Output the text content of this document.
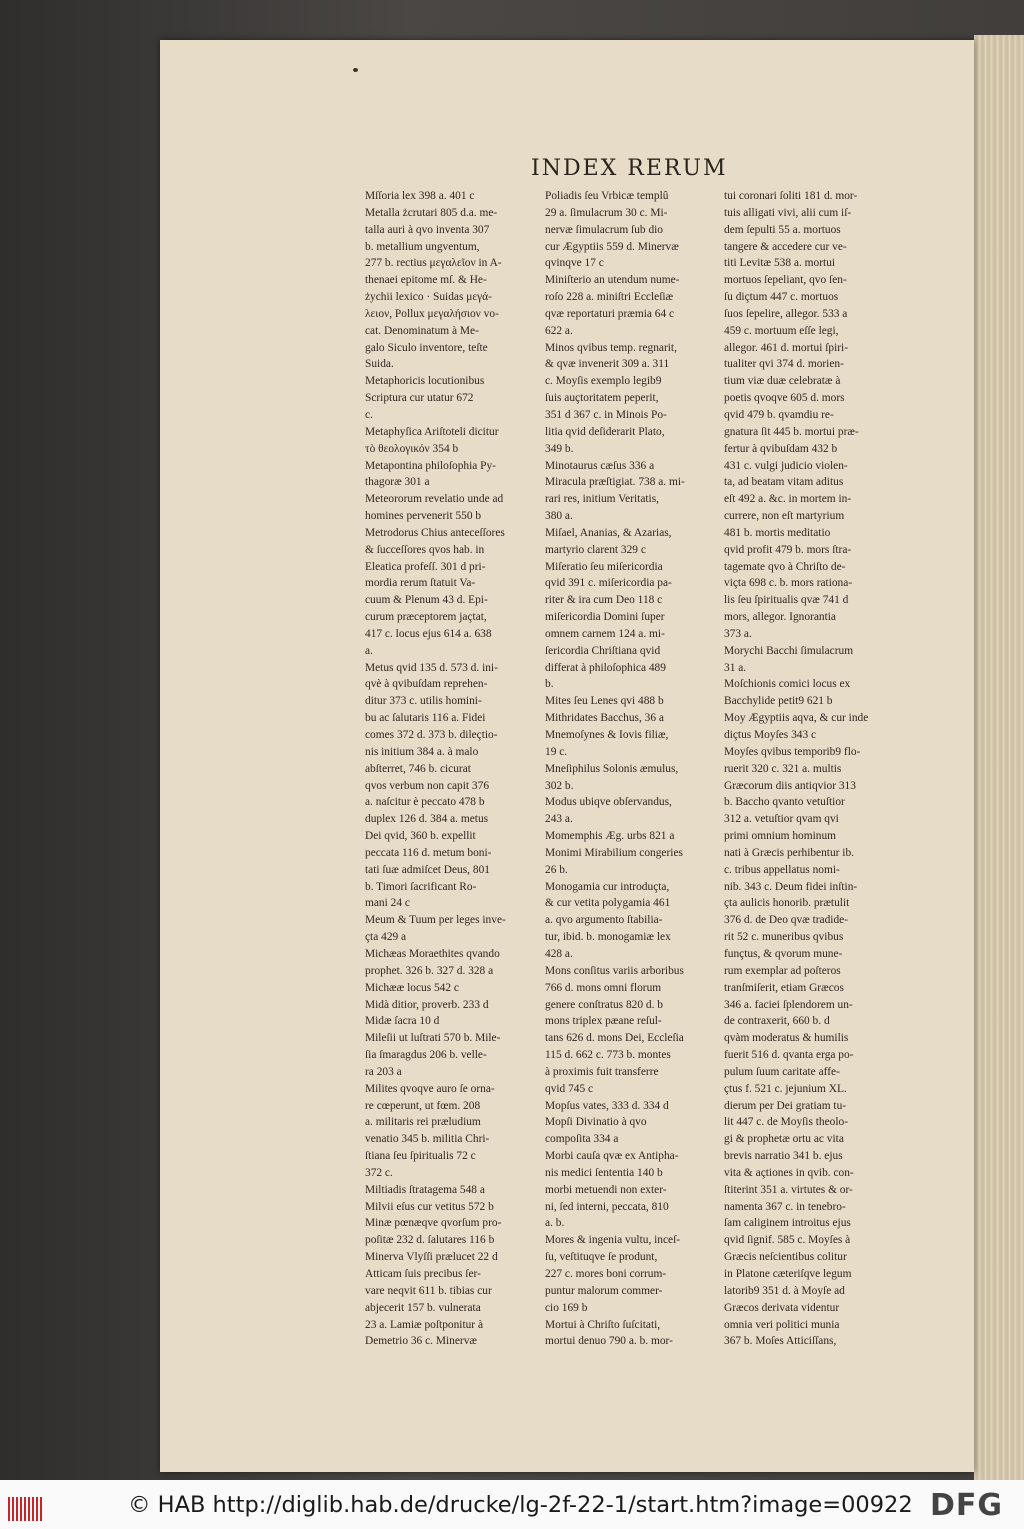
INDEX RERUM
Mſſoria lex 398 a. 401 c
Metalla żcrutari 805 d.a. me-
talla auri à qvo inventa 307
b. metallium ungventum,
277 b. rectius μεγαλεῖον in A-
thenaei epitome mſ. & He-
żychii lexico · Suidas μεγά-
λειον, Pollux μεγαλήσιον vo-
cat. Denominatum à Me-
galo Siculo inventore, teſte
Suida.
Metaphoricis locutionibus
Scriptura cur utatur 672
c.
Metaphyſica Ariſtoteli dicitur
τὸ θεολογικόν 354 b
Metapontina philoſophia Py-
thagoræ 301 a
Meteororum revelatio unde ad
homines pervenerit 550 b
Metrodorus Chius anteceſſores
& ſucceſſores qvos hab. in
Eleatica profeſſ. 301 d pri-
mordia rerum ſtatuit Va-
cuum & Plenum 43 d. Epi-
curum præceptorem jaçtat,
417 c. locus ejus 614 a. 638
a.
Metus qvid 135 d. 573 d. ini-
qvè à qvibuſdam reprehen-
ditur 373 c. utilis homini-
bu ac ſalutaris 116 a. Fidei
comes 372 d. 373 b. dileçtio-
nis initium 384 a. à malo
abſterret, 746 b. cicurat
qvos verbum non capit 376
a. naſcitur è peccato 478 b
duplex 126 d. 384 a. metus
Dei qvid, 360 b. expellit
peccata 116 d. metum boni-
tati ſuæ admiſcet Deus, 801
b. Timori ſacrificant Ro-
mani 24 c
Meum & Tuum per leges inve-
çta 429 a
Michæas Moraethites qvando
prophet. 326 b. 327 d. 328 a
Michææ locus 542 c
Midà ditior, proverb. 233 d
Midæ ſacra 10 d
Mileſii ut luſtrati 570 b. Mile-
ſia ſmaragdus 206 b. velle-
ra 203 a
Milites qvoqve auro ſe orna-
re cœperunt, ut fœm. 208
a. militaris rei præludium
venatio 345 b. militia Chri-
ſtiana ſeu ſpiritualis 72 c
372 c.
Miltiadis ſtratagema 548 a
Milvii eſus cur vetitus 572 b
Minæ pœnæqve qvorſum pro-
poſitæ 232 d. ſalutares 116 b
Minerva Vlyſſi prælucet 22 d
Atticam ſuis precibus ſer-
vare neqvit 611 b. tibias cur
abjecerit 157 b. vulnerata
23 a. Lamiæ poſtponitur à
Demetrio 36 c. Minervæ
Poliadis ſeu Vrbicæ templû
29 a. ſimulacrum 30 c. Mi-
nervæ ſimulacrum ſub dio
cur Ægyptiis 559 d. Minervæ
qvinqve 17 c
Miniſterio an utendum nume-
roſo 228 a. miniſtri Eccleſiæ
qvæ reportaturi præmia 64 c
622 a.
Minos qvibus temp. regnarit,
& qvæ invenerit 309 a. 311
c. Moyſis exemplo legib9
ſuis auçtoritatem peperit,
351 d 367 c. in Minois Po-
litia qvid deſiderarit Plato,
349 b.
Minotaurus cæſus 336 a
Miracula præſtigiat. 738 a. mi-
rari res, initium Veritatis,
380 a.
Miſael, Ananias, & Azarias,
martyrio clarent 329 c
Miſeratio ſeu miſericordia
qvid 391 c. miſericordia pa-
riter & ira cum Deo 118 c
miſericordia Domini ſuper
omnem carnem 124 a. mi-
ſericordia Chriſtiana qvid
differat à philoſophica 489
b.
Mites ſeu Lenes qvi 488 b
Mithridates Bacchus, 36 a
Mnemoſynes & Iovis filiæ,
19 c.
Mneſiphilus Solonis æmulus,
302 b.
Modus ubiqve obſervandus,
243 a.
Momemphis Æg. urbs 821 a
Monimi Mirabilium congeries
26 b.
Monogamia cur introduçta,
& cur vetita polygamia 461
a. qvo argumento ſtabilia-
tur, ibid. b. monogamiæ lex
428 a.
Mons conſitus variis arboribus
766 d. mons omni florum
genere conſtratus 820 d. b
mons triplex pæane reſul-
tans 626 d. mons Dei, Eccleſia
115 d. 662 c. 773 b. montes
à proximis fuit transferre
qvid 745 c
Mopſus vates, 333 d. 334 d
Mopſi Divinatio à qvo
compoſita 334 a
Morbi cauſa qvæ ex Antipha-
nis medici ſententia 140 b
morbi metuendi non exter-
ni, ſed interni, peccata, 810
a. b.
Mores & ingenia vultu, inceſ-
ſu, veſtituqve ſe produnt,
227 c. mores boni corrum-
puntur malorum commer-
cio 169 b
Mortui à Chriſto ſuſcitati,
mortui denuo 790 a. b. mor-
tui coronari ſoliti 181 d. mor-
tuis alligati vivi, alii cum iſ-
dem ſepulti 55 a. mortuos
tangere & accedere cur ve-
titi Levitæ 538 a. mortui
mortuos ſepeliant, qvo ſen-
ſu diçtum 447 c. mortuos
ſuos ſepelire, allegor. 533 a
459 c. mortuum eſſe legi,
allegor. 461 d. mortui ſpiri-
tualiter qvi 374 d. morien-
tium viæ duæ celebratæ à
poetis qvoqve 605 d. mors
qvid 479 b. qvamdiu re-
gnatura ſit 445 b. mortui præ-
fertur à qvibuſdam 432 b
431 c. vulgi judicio violen-
ta, ad beatam vitam aditus
eſt 492 a. &c. in mortem in-
currere, non eſt martyrium
481 b. mortis meditatio
qvid profit 479 b. mors ſtra-
tagemate qvo à Chriſto de-
viçta 698 c. b. mors rationa-
lis ſeu ſpiritualis qvæ 741 d
mors, allegor. Ignorantia
373 a.
Morychi Bacchi ſimulacrum
31 a.
Moſchionis comici locus ex
Bacchylide petit9 621 b
Moy Ægyptiis aqva, & cur inde
diçtus Moyſes 343 c
Moyſes qvibus temporib9 flo-
ruerit 320 c. 321 a. multis
Græcorum diis antiqvior 313
b. Baccho qvanto vetuſtior
312 a. vetuſtior qvam qvi
primi omnium hominum
nati à Græcis perhibentur ib.
c. tribus appellatus nomi-
nib. 343 c. Deum fidei inſtin-
çta aulicis honorib. prætulit
376 d. de Deo qvæ tradide-
rit 52 c. muneribus qvibus
funçtus, & qvorum mune-
rum exemplar ad poſteros
tranſmiſerit, etiam Græcos
346 a. faciei ſplendorem un-
de contraxerit, 660 b. d
qvàm moderatus & humilis
fuerit 516 d. qvanta erga po-
pulum ſuum caritate affe-
çtus f. 521 c. jejunium XL.
dierum per Dei gratiam tu-
lit 447 c. de Moyſis theolo-
gi & prophetæ ortu ac vita
brevis narratio 341 b. ejus
vita & açtiones in qvib. con-
ſtiterint 351 a. virtutes & or-
namenta 367 c. in tenebro-
ſam caliginem introitus ejus
qvid ſignif. 585 c. Moyſes à
Græcis neſcientibus colitur
in Platone cæteriſqve legum
latorib9 351 d. à Moyſe ad
Græcos derivata videntur
omnia veri politici munia
367 b. Moſes Atticiſſans,
© HAB http://diglib.hab.de/drucke/lg-2f-22-1/start.htm?image=00922 DFG
